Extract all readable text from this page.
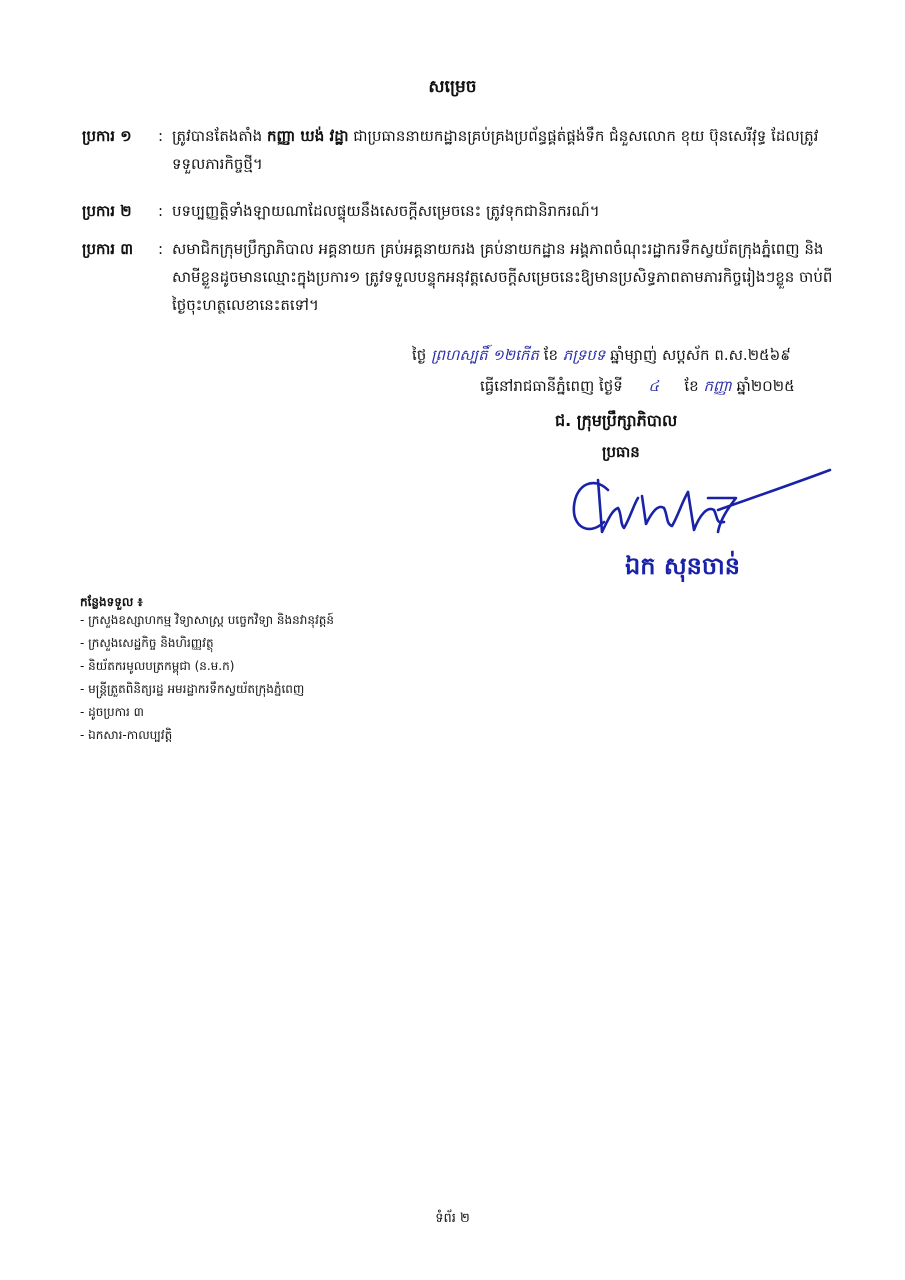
សម្រេច
ប្រការ ១ : ត្រូវបានតែងតាំង កញ្ញា ឃង់ វដ្ឋា ជាប្រធាននាយកដ្ឋានគ្រប់គ្រងប្រព័ន្ធផ្គត់ផ្គង់ទឹក ជំនួសលោក ខុយ ប៊ុនសេរីវុទ្ធ ដែលត្រូវទទួលភារកិច្ចថ្មី។
ប្រការ ២ : បទប្បញ្ញត្តិទាំងឡាយណាដែលផ្ទុយនឹងសេចក្តីសម្រេចនេះ ត្រូវទុកជានិរាករណ៍។
ប្រការ ៣ : សមាជិកក្រុមប្រឹក្សាភិបាល អគ្គនាយក គ្រប់អគ្គនាយករង គ្រប់នាយកដ្ឋាន អង្គភាពចំណុះរដ្ឋាករទឹកស្វយ័តក្រុងភ្នំពេញ និងសាមីខ្លួនដូចមានឈ្មោះក្នុងប្រការ១ ត្រូវទទួលបន្ទុកអនុវត្តសេចក្តីសម្រេចនេះឱ្យមានប្រសិទ្ធភាពតាមភារកិច្ចរៀងៗខ្លួន ចាប់ពីថ្ងៃចុះហត្ថលេខានេះតទៅ។
ថ្ងៃ ព្រហស្បតិ៍ ១២កើត ខែ ភទ្របទ ឆ្នាំម្សាញ់ សប្តស័ក ព.ស.២៥៦៩
ធ្វើនៅរាជធានីភ្នំពេញ ថ្ងៃទី ៤ ខែ កញ្ញា ឆ្នាំ២០២៥
ជ. ក្រុមប្រឹក្សាភិបាល
ប្រធាន
ឯក សុនចាន់
កន្លែងទទួល ៖
- ក្រសួងឧស្សាហកម្ម វិទ្យាសាស្ត្រ បច្ចេកវិទ្យា និងនវានុវត្តន៍
- ក្រសួងសេដ្ឋកិច្ច និងហិរញ្ញវត្ថុ
- និយ័តករមូលបត្រកម្ពុជា (ន.ម.ក)
- មន្ត្រីត្រួតពិនិត្យរដ្ឋ អមរដ្ឋាករទឹកស្វយ័តក្រុងភ្នំពេញ
- ដូចប្រការ ៣
- ឯកសារ-កាលប្បវត្តិ
ទំព័រ ២
